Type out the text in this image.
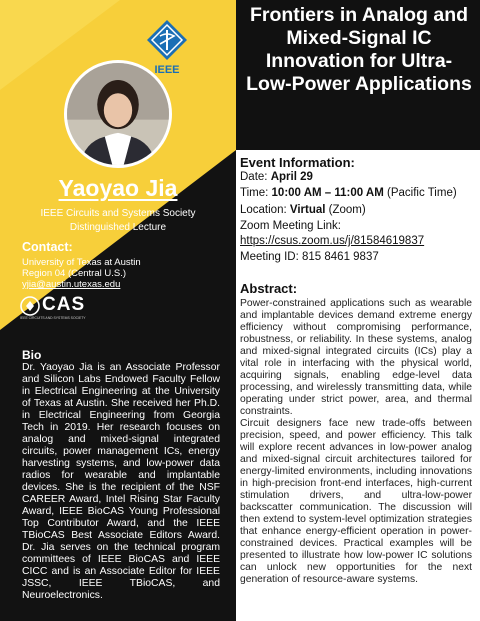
IEEE
Yaoyao Jia
IEEE Circuits and Systems Society Distinguished Lecture
Contact:
University of Texas at Austin
Region 04 (Central U.S.)
yjia@austin.utexas.edu
CAS
IEEE CIRCUITS AND SYSTEMS SOCIETY
Bio
Dr. Yaoyao Jia is an Associate Professor and Silicon Labs Endowed Faculty Fellow in Electrical Engineering at the University of Texas at Austin. She received her Ph.D. in Electrical Engineering from Georgia Tech in 2019. Her research focuses on analog and mixed-signal integrated circuits, power management ICs, energy harvesting systems, and low-power data radios for wearable and implantable devices. She is the recipient of the NSF CAREER Award, Intel Rising Star Faculty Award, IEEE BioCAS Young Professional Top Contributor Award, and the IEEE TBioCAS Best Associate Editors Award. Dr. Jia serves on the technical program committees of IEEE BioCAS and IEEE CICC and is an Associate Editor for IEEE JSSC, IEEE TBioCAS, and Neuroelectronics.
Frontiers in Analog and Mixed-Signal IC Innovation for Ultra-Low-Power Applications
Event Information:
Date: April 29
Time: 10:00 AM – 11:00 AM (Pacific Time)
Location: Virtual (Zoom)
Zoom Meeting Link:
https://csus.zoom.us/j/81584619837
Meeting ID: 815 8461 9837
Abstract:
Power-constrained applications such as wearable and implantable devices demand extreme energy efficiency without compromising performance, robustness, or reliability. In these systems, analog and mixed-signal integrated circuits (ICs) play a vital role in interfacing with the physical world, acquiring signals, enabling edge-level data processing, and wirelessly transmitting data, while operating under strict power, area, and thermal constraints.
Circuit designers face new trade-offs between precision, speed, and power efficiency. This talk will explore recent advances in low-power analog and mixed-signal circuit architectures tailored for energy-limited environments, including innovations in high-precision front-end interfaces, high-current stimulation drivers, and ultra-low-power backscatter communication. The discussion will then extend to system-level optimization strategies that enhance energy-efficient operation in power-constrained devices. Practical examples will be presented to illustrate how low-power IC solutions can unlock new opportunities for the next generation of resource-aware systems.
